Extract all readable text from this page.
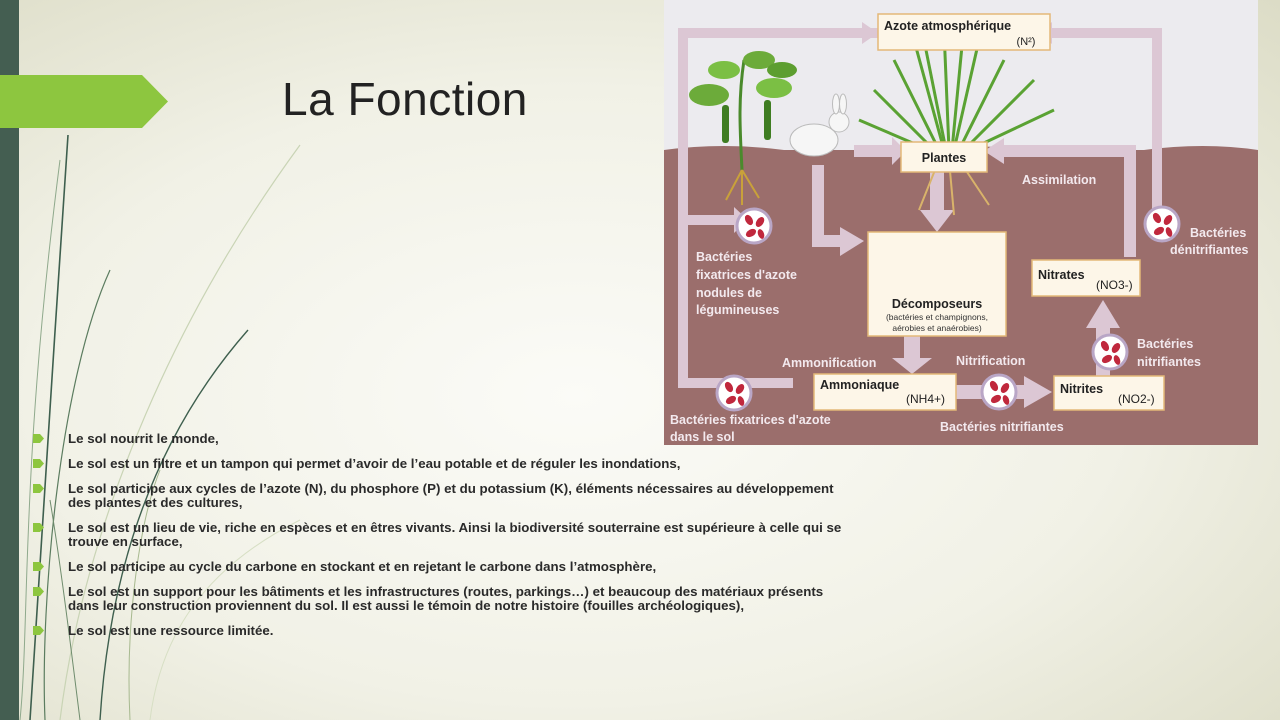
La Fonction
Le sol nourrit le monde,
Le sol est un filtre et un tampon qui permet d’avoir de l’eau potable et de réguler les inondations,
Le sol participe aux cycles de l’azote (N), du phosphore (P) et du potassium (K), éléments nécessaires au développement des plantes et des cultures,
Le sol est un lieu de vie, riche en espèces et en êtres vivants. Ainsi la biodiversité souterraine est supérieure à celle qui se trouve en surface,
Le sol participe au cycle du carbone en stockant et en rejetant le carbone dans l’atmosphère,
Le sol est un support pour les bâtiments et les infrastructures (routes, parkings…) et beaucoup des matériaux présents dans leur construction proviennent du sol. Il est aussi le témoin de notre histoire (fouilles archéologiques),
Le sol est une ressource limitée.
Azote atmosphérique
(N²)
Plantes
Assimilation
Bactéries
dénitrifiantes
Nitrates
(NO3-)
Bactéries
fixatrices d'azote
nodules de
légumineuses	Décomposeurs
(bactéries et champignons,
aérobies et anaérobies)
Ammonification	Nitrification
Bactéries
nitrifiantes
Ammoniaque
(NH4+)
Nitrites
(NO2-)
Bactéries fixatrices d'azote
dans le sol
Bactéries nitrifiantes
